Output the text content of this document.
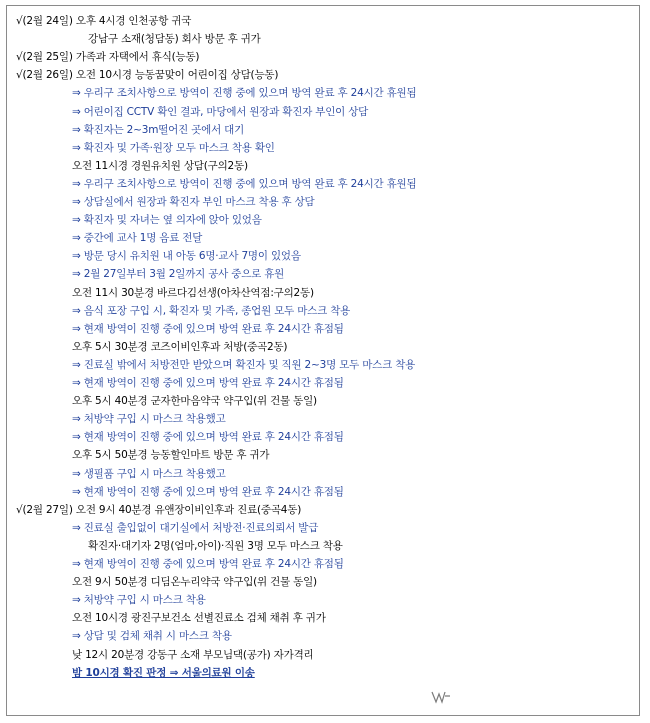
√(2월 24일) 오후 4시경 인천공항 귀국
강남구 소재(청담동) 회사 방문 후 귀가
√(2월 25일) 가족과 자택에서 휴식(능동)
√(2월 26일) 오전 10시경 능동꿈맞이 어린이집 상담(능동)
⇒ 우리구 조치사항으로 방역이 진행 중에 있으며 방역 완료 후 24시간 휴원됨
⇒ 어린이집 CCTV 확인 결과, 마당에서 원장과 확진자 부인이 상담
⇒ 확진자는 2~3m떨어진 곳에서 대기
⇒ 확진자 및 가족·원장 모두 마스크 착용 확인
오전 11시경 경원유치원 상담(구의2동)
⇒ 우리구 조치사항으로 방역이 진행 중에 있으며 방역 완료 후 24시간 휴원됨
⇒ 상담실에서 원장과 확진자 부인 마스크 착용 후 상담
⇒ 확진자 및 자녀는 옆 의자에 앉아 있었음
⇒ 중간에 교사 1명 음료 전달
⇒ 방문 당시 유치원 내 아동 6명·교사 7명이 있었음
⇒ 2월 27일부터 3월 2일까지 공사 중으로 휴원
오전 11시 30분경 바르다김선생(아차산역점:구의2동)
⇒ 음식 포장 구입 시, 확진자 및 가족, 종업원 모두 마스크 착용
⇒ 현재 방역이 진행 중에 있으며 방역 완료 후 24시간 휴점됨
오후 5시 30분경 코즈이비인후과 처방(중곡2동)
⇒ 진료실 밖에서 처방전만 받았으며 확진자 및 직원 2~3명 모두 마스크 착용
⇒ 현재 방역이 진행 중에 있으며 방역 완료 후 24시간 휴점됨
오후 5시 40분경 군자한마음약국 약구입(위 건물 동일)
⇒ 처방약 구입 시 마스크 착용했고
⇒ 현재 방역이 진행 중에 있으며 방역 완료 후 24시간 휴점됨
오후 5시 50분경 능동할인마트 방문 후 귀가
⇒ 생필품 구입 시 마스크 착용했고
⇒ 현재 방역이 진행 중에 있으며 방역 완료 후 24시간 휴점됨
√(2월 27일) 오전 9시 40분경 유앤장이비인후과 진료(중곡4동)
⇒ 진료실 출입없이 대기실에서 처방전·진료의뢰서 발급
확진자·대기자 2명(엄마,아이)·직원 3명 모두 마스크 착용
⇒ 현재 방역이 진행 중에 있으며 방역 완료 후 24시간 휴점됨
오전 9시 50분경 디딤온누리약국 약구입(위 건물 동일)
⇒ 처방약 구입 시 마스크 착용
오전 10시경 광진구보건소 선별진료소 검체 채취 후 귀가
⇒ 상담 및 검체 채취 시 마스크 착용
낮 12시 20분경 강동구 소재 부모님댁(공가) 자가격리
밤 10시경 확진 판정 ⇒ 서울의료원 이송
